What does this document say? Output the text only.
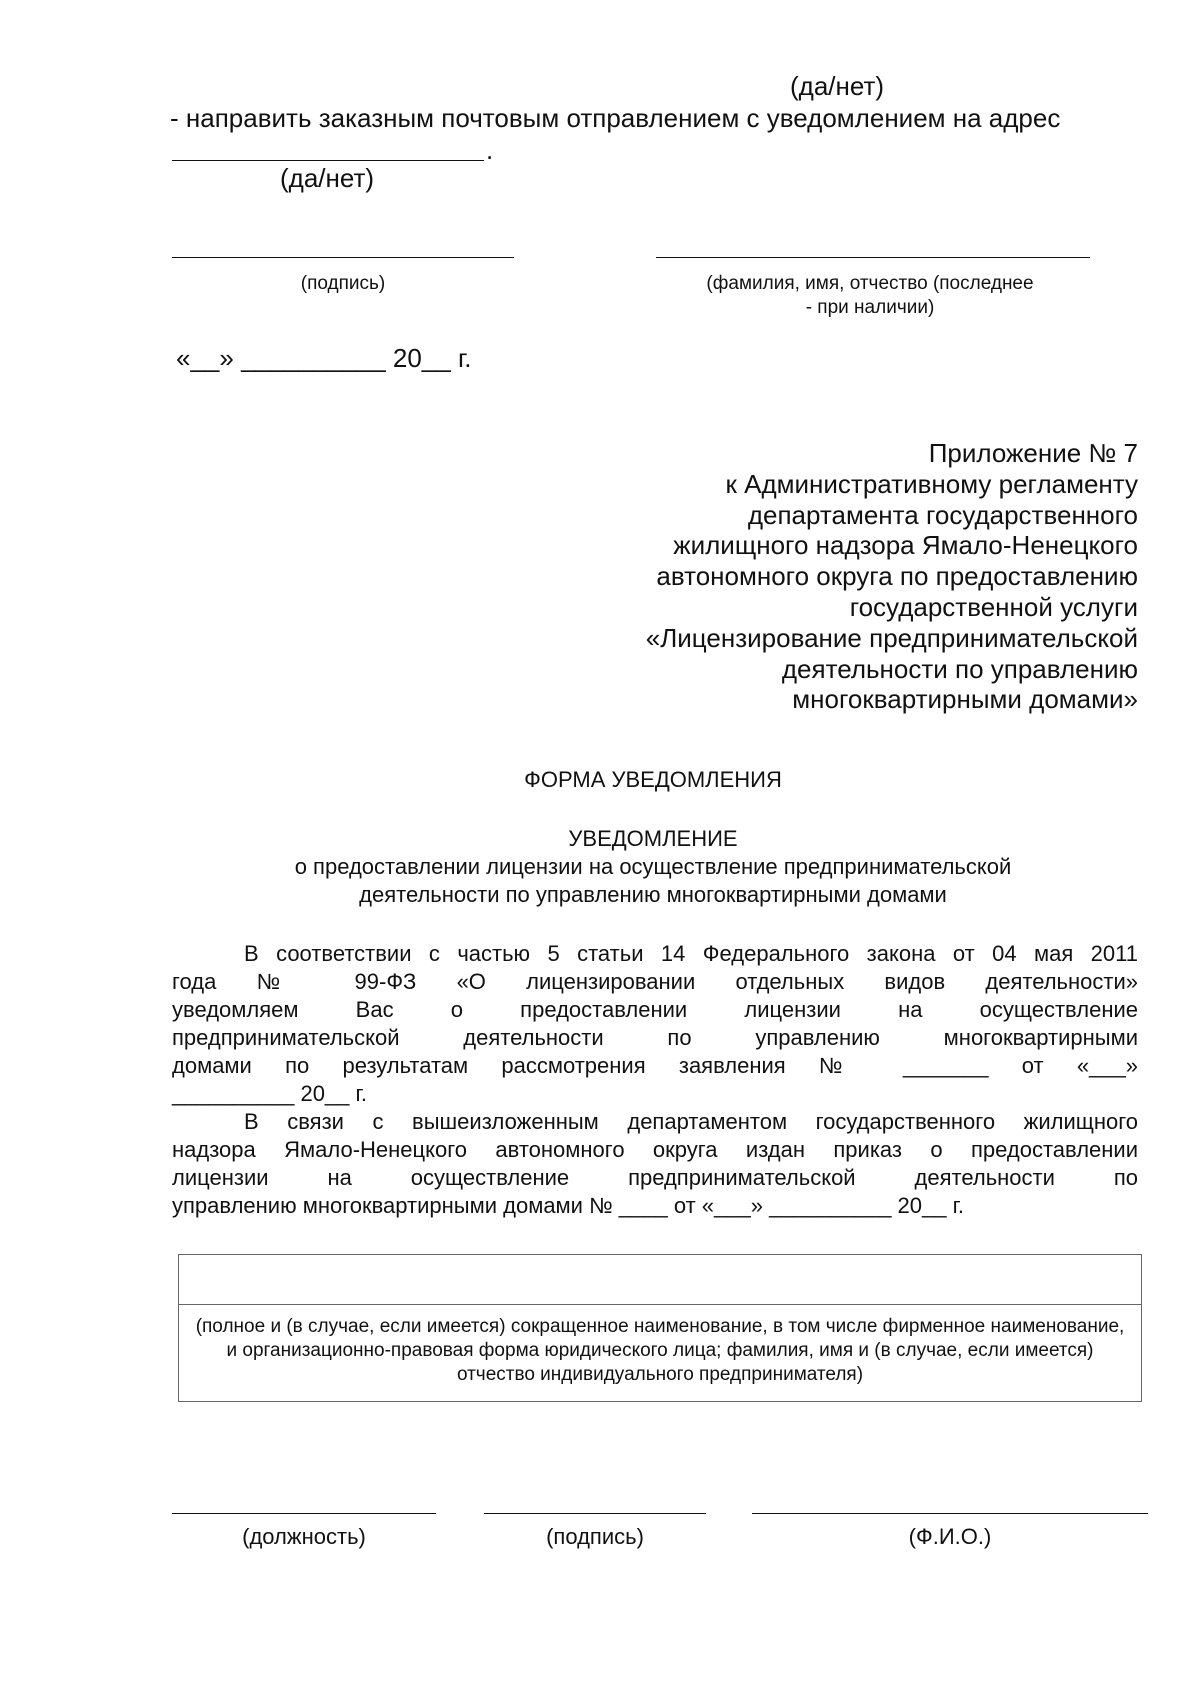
(да/нет)
- направить заказным почтовым отправлением с уведомлением на адрес
.
(да/нет)
(подпись)	(фамилия, имя, отчество (последнее
- при наличии)
«__» __________ 20__ г.
Приложение № 7
к Административному регламенту
департамента государственного
жилищного надзора Ямало-Ненецкого
автономного округа по предоставлению
государственной услуги
«Лицензирование предпринимательской
деятельности по управлению
многоквартирными домами»
ФОРМА УВЕДОМЛЕНИЯ
УВЕДОМЛЕНИЕ
о предоставлении лицензии на осуществление предпринимательской
деятельности по управлению многоквартирными домами
В соответствии с частью 5 статьи 14 Федерального закона от 04 мая 2011
года № 99-ФЗ «О лицензировании отдельных видов деятельности»
уведомляем Вас о предоставлении лицензии на осуществление
предпринимательской деятельности по управлению многоквартирными
домами по результатам рассмотрения заявления № _______ от «___»
__________ 20__ г.
В связи с вышеизложенным департаментом государственного жилищного
надзора Ямало-Ненецкого автономного округа издан приказ о предоставлении
лицензии на осуществление предпринимательской деятельности по
управлению многоквартирными домами № ____ от «___» __________ 20__ г.
(полное и (в случае, если имеется) сокращенное наименование, в том числе фирменное наименование, и организационно-правовая форма юридического лица; фамилия, имя и (в случае, если имеется) отчество индивидуального предпринимателя)
(должность)	(подпись)	(Ф.И.О.)
